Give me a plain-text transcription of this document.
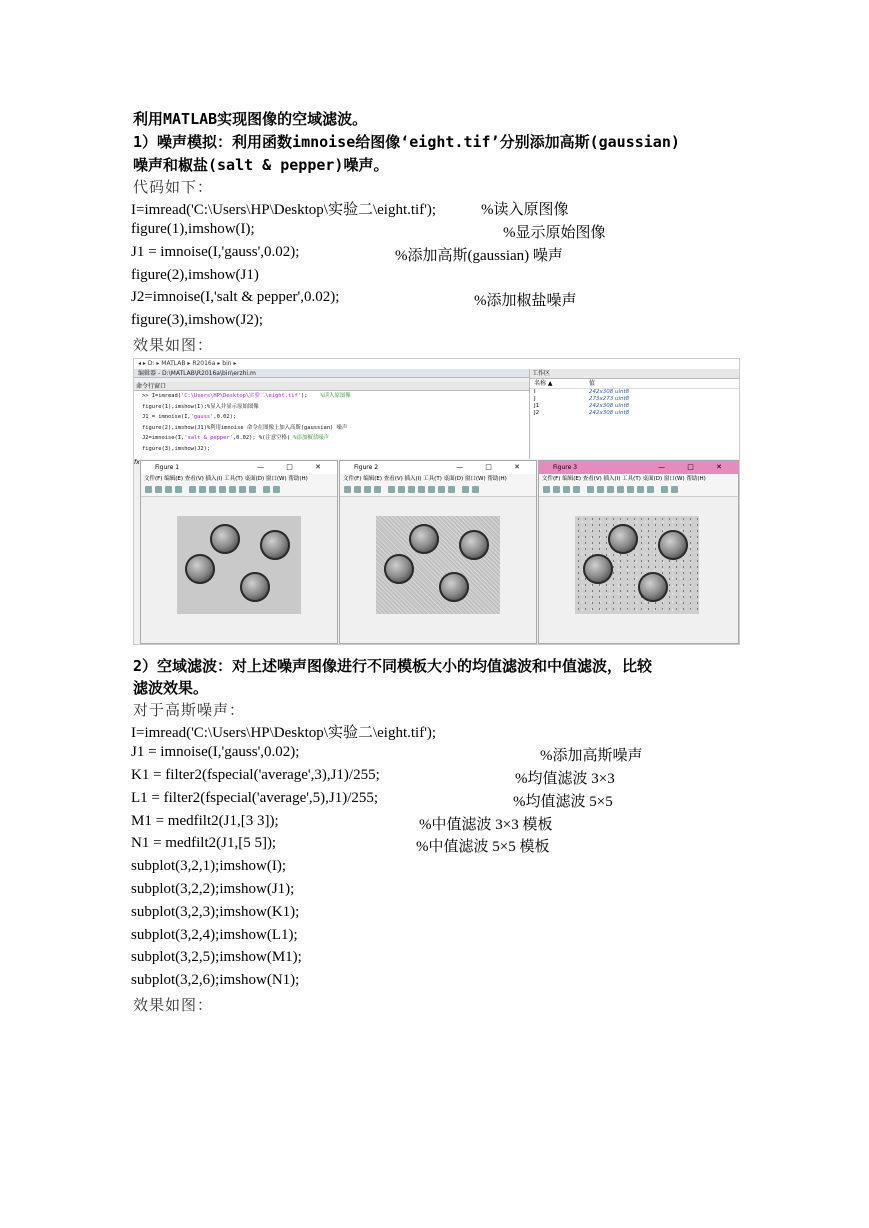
利用MATLAB实现图像的空域滤波。
1）噪声模拟：利用函数imnoise给图像‘eight.tif’分别添加高斯(gaussian)
噪声和椒盐(salt & pepper)噪声。
代码如下：
I=imread('C:\Users\HP\Desktop\实验二\eight.tif');	%读入原图像
figure(1),imshow(I);	%显示原始图像
J1 = imnoise(I,'gauss',0.02);	%添加高斯(gaussian) 噪声
figure(2),imshow(J1)
J2=imnoise(I,'salt & pepper',0.02);	%添加椒盐噪声
figure(3),imshow(J2);
效果如图：
◂ ▸ D: ▸ MATLAB ▸ R2016a ▸ bin ▸
编辑器 - D:\MATLAB\R2016a\bin\erzhi.m
命令行窗口
>> I=imread('C:\Users\HP\Desktop\实验二\eight.tif'); %读入原图像
figure(1),imshow(I);%显入并显示原始图像
J1 = imnoise(I,'gauss',0.02);
figure(2),imshow(J1)%利用imnoise 命令在图像上加入高斯(gaussian) 噪声
J2=imnoise(I,'salt & pepper',0.02); %(注意空格) %添加椒盐噪声
figure(3),imshow(J2);
fx
工作区
名称 ▲	值
I	242x308 uint8
J	273x273 uint8
J1	242x308 uint8
J2	242x308 uint8
Figure 1	— □ ✕
文件(F) 编辑(E) 查看(V) 插入(I) 工具(T) 桌面(D) 窗口(W) 帮助(H)
Figure 2	— □ ✕
文件(F) 编辑(E) 查看(V) 插入(I) 工具(T) 桌面(D) 窗口(W) 帮助(H)
Figure 3	— □ ✕
文件(F) 编辑(E) 查看(V) 插入(I) 工具(T) 桌面(D) 窗口(W) 帮助(H)
2）空域滤波：对上述噪声图像进行不同模板大小的均值滤波和中值滤波，比较
滤波效果。
对于高斯噪声：
I=imread('C:\Users\HP\Desktop\实验二\eight.tif');
J1 = imnoise(I,'gauss',0.02);	%添加高斯噪声
K1 = filter2(fspecial('average',3),J1)/255;	%均值滤波 3×3
L1 = filter2(fspecial('average',5),J1)/255;	%均值滤波 5×5
M1 = medfilt2(J1,[3 3]);	%中值滤波 3×3 模板
N1 = medfilt2(J1,[5 5]);	%中值滤波 5×5 模板
subplot(3,2,1);imshow(I);
subplot(3,2,2);imshow(J1);
subplot(3,2,3);imshow(K1);
subplot(3,2,4);imshow(L1);
subplot(3,2,5);imshow(M1);
subplot(3,2,6);imshow(N1);
效果如图：
